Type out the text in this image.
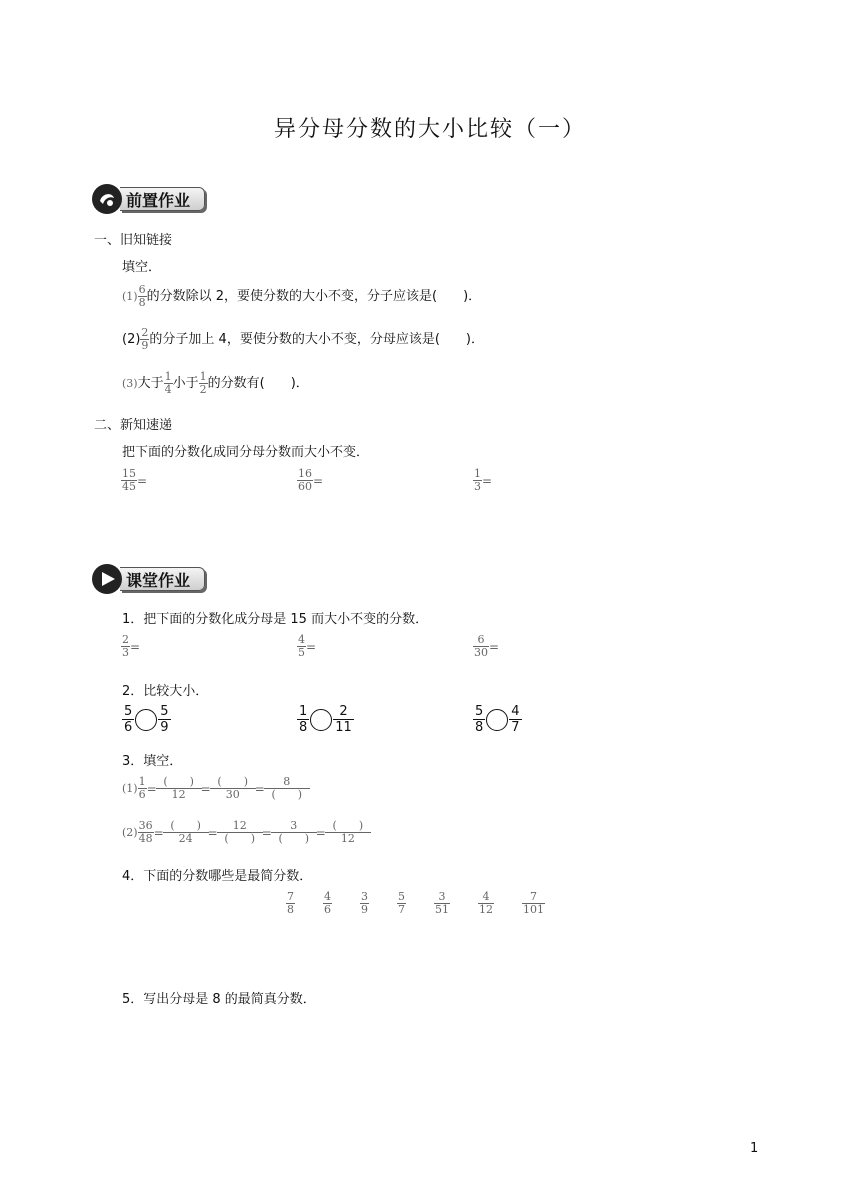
异分母分数的大小比较（一）
前置作业
一、旧知链接
填空．
$(1) \frac{6}{8}$ 的分数除以 2，要使分数的大小不变，分子应该是(　　)．
$(2) \frac{2}{9}$ 的分子加上 4，要使分数的大小不变，分母应该是(　　)．
(3)大于 $\frac{1}{4}$ 小于 $\frac{1}{2}$ 的分数有(　　)．
二、新知速递
把下面的分数化成同分母分数而大小不变．
$\frac{15}{45}$ =	$\frac{16}{60}$ =	$\frac{1}{3}$ =
课堂作业
1．把下面的分数化成分母是 15 而大小不变的分数．
$\frac{2}{3}$ =	$\frac{4}{5}$ =	$\frac{6}{30}$ =
2．比较大小．
$\frac{5}{6} \frac{5}{9}$	$\frac{1}{8} \frac{2}{11}$	$\frac{5}{8} \frac{4}{7}$
3．填空．
$(1) \frac{1}{6} = \frac{( )}{12} = \frac{( )}{30} = \frac{8}{( )}$
$(2) \frac{36}{48} = \frac{( )}{24} = \frac{12}{( )} = \frac{3}{( )} = \frac{( )}{12}$
4．下面的分数哪些是最简分数．
$\frac{7}{8}$	$\frac{4}{6}$	$\frac{3}{9}$	$\frac{5}{7}$	$\frac{3}{51}$	$\frac{4}{12}$	$\frac{7}{101}$
5．写出分母是 8 的最简真分数．
1
